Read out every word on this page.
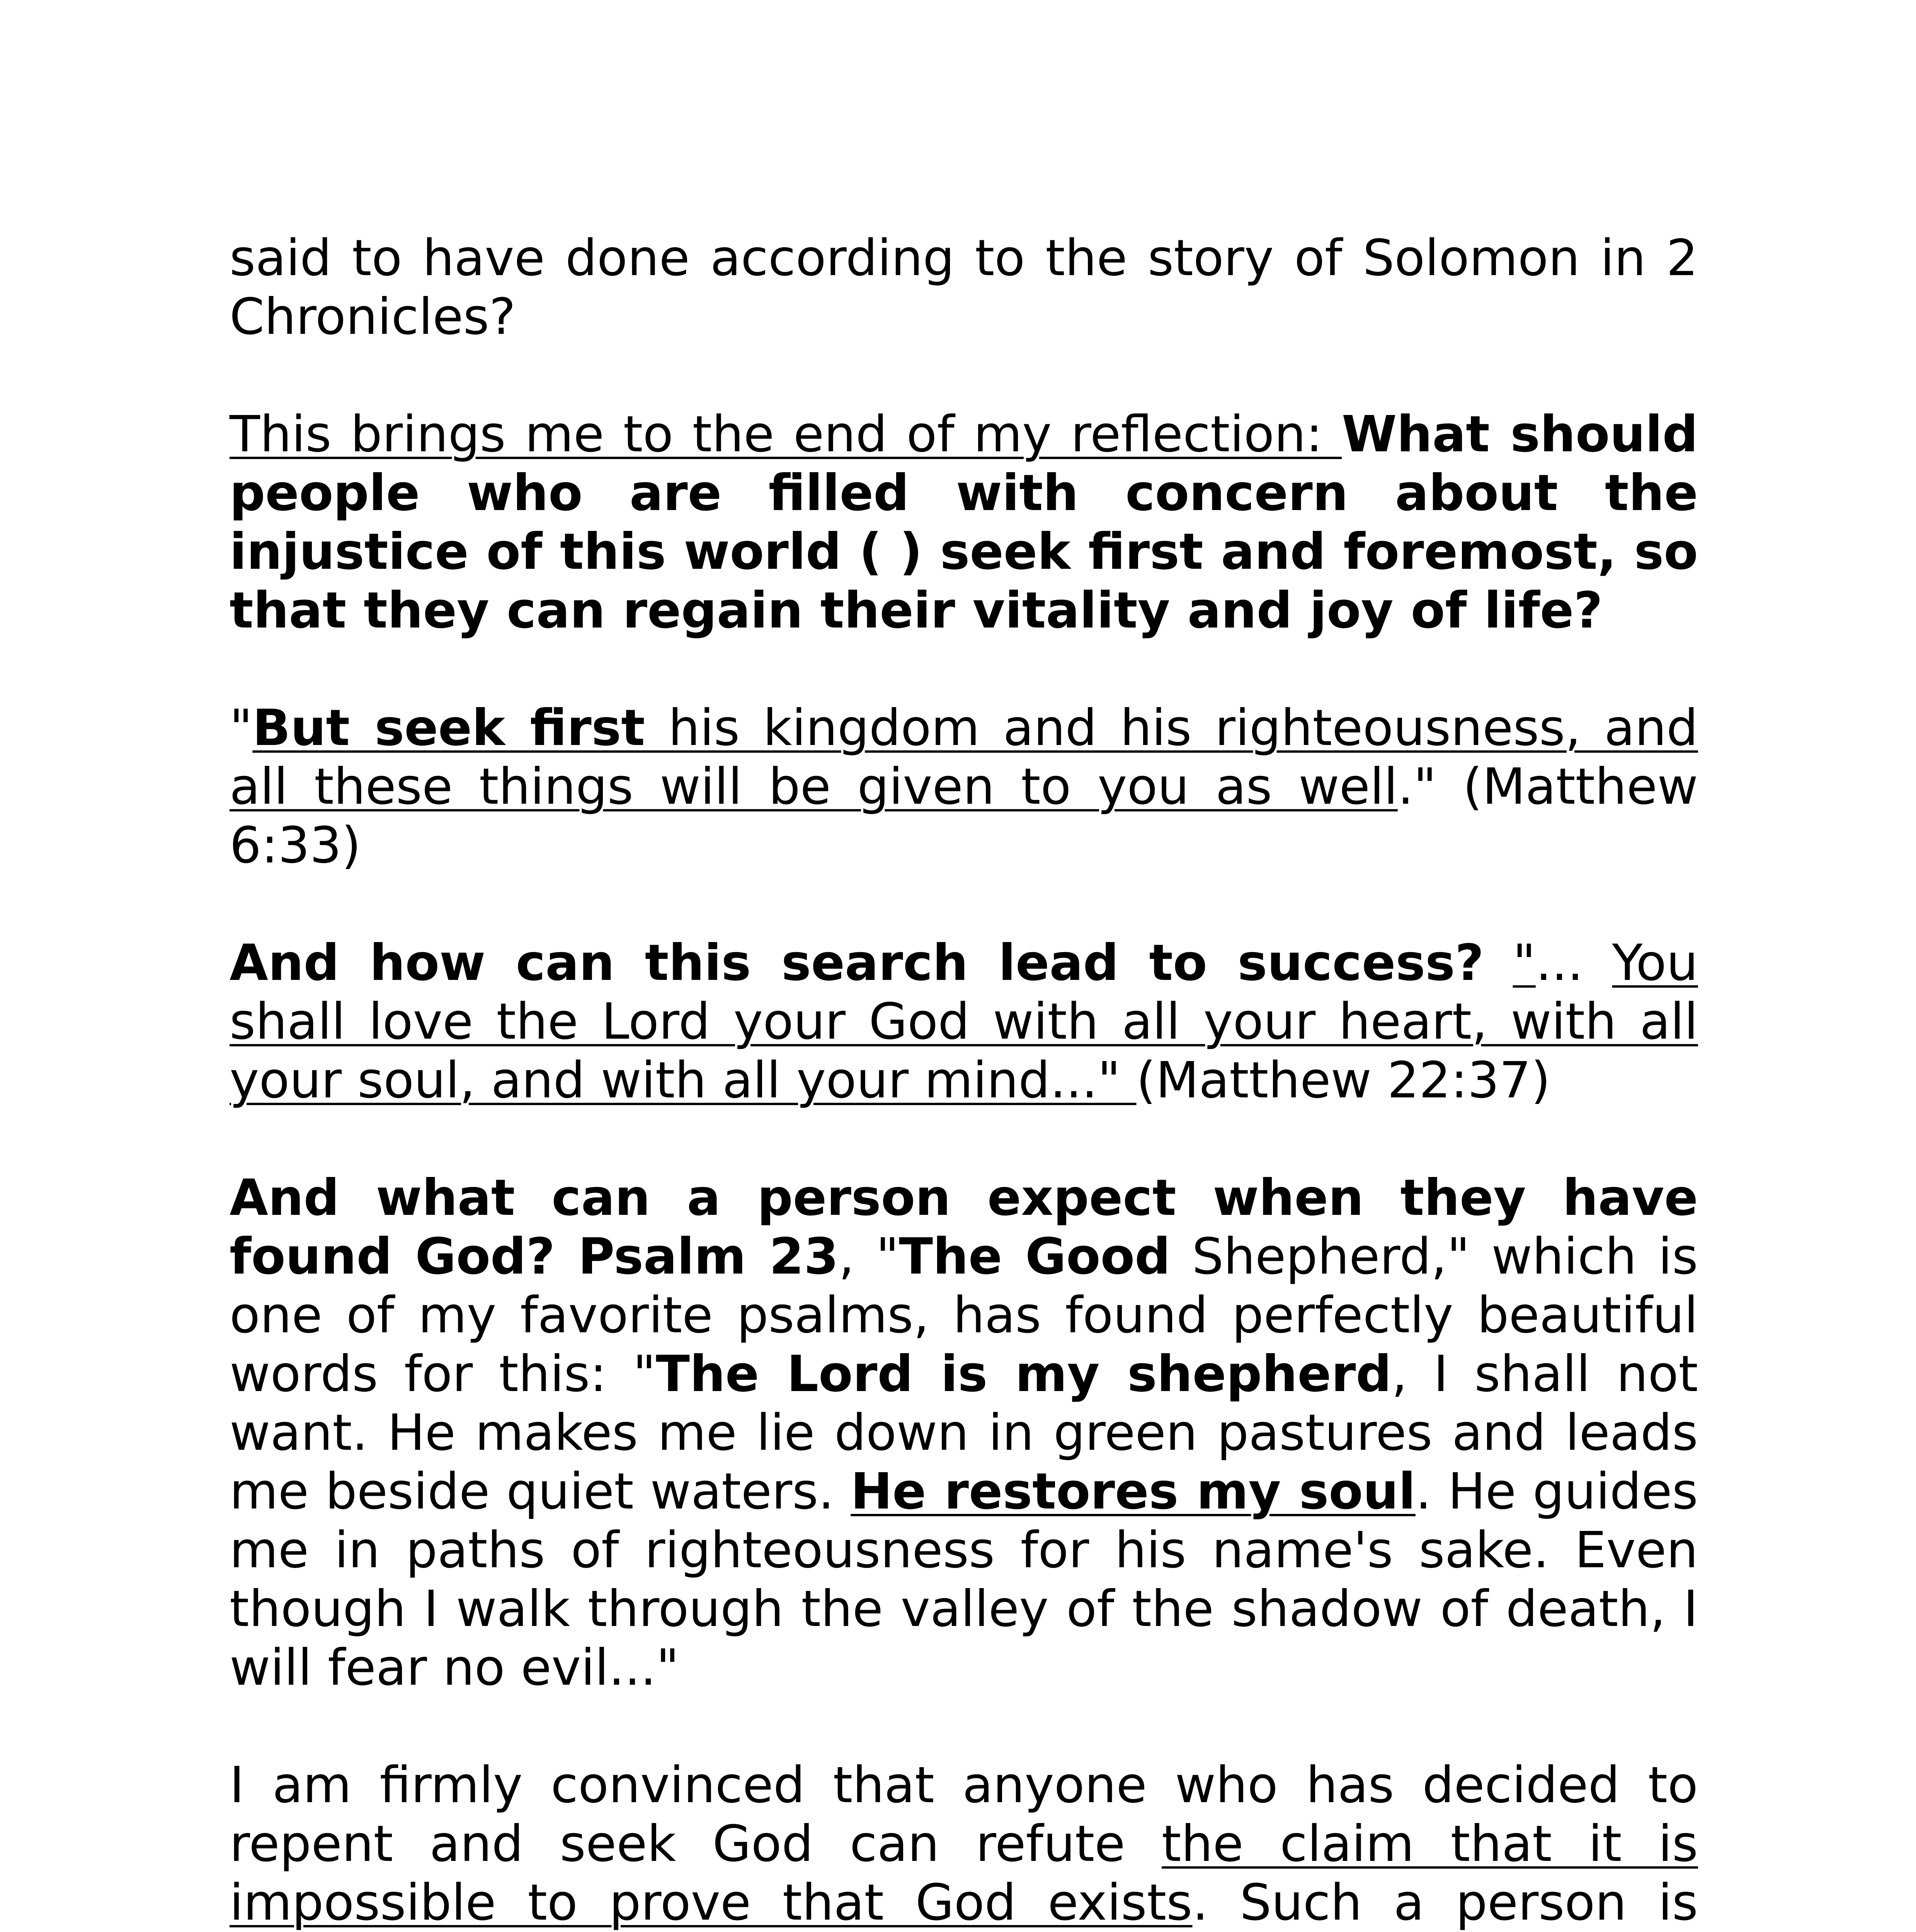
said to have done according to the story of Solomon in 2 Chronicles?

This brings me to the end of my reflection: What should people who are filled with concern about the injustice of this world ( ) seek first and foremost, so that they can regain their vitality and joy of life?

"But seek first his kingdom and his righteousness, and all these things will be given to you as well." (Matthew 6:33)

And how can this search lead to success? "... You shall love the Lord your God with all your heart, with all your soul, and with all your mind..." (Matthew 22:37)

And what can a person expect when they have found God? Psalm 23, "The Good Shepherd," which is one of my favorite psalms, has found perfectly beautiful words for this: "The Lord is my shepherd, I shall not want. He makes me lie down in green pastures and leads me beside quiet waters. He restores my soul. He guides me in paths of righteousness for his name's sake. Even though I walk through the valley of the shadow of death, I will fear no evil..."

I am firmly convinced that anyone who has decided to repent and seek God can refute the claim that it is impossible to prove that God exists. Such a person is
